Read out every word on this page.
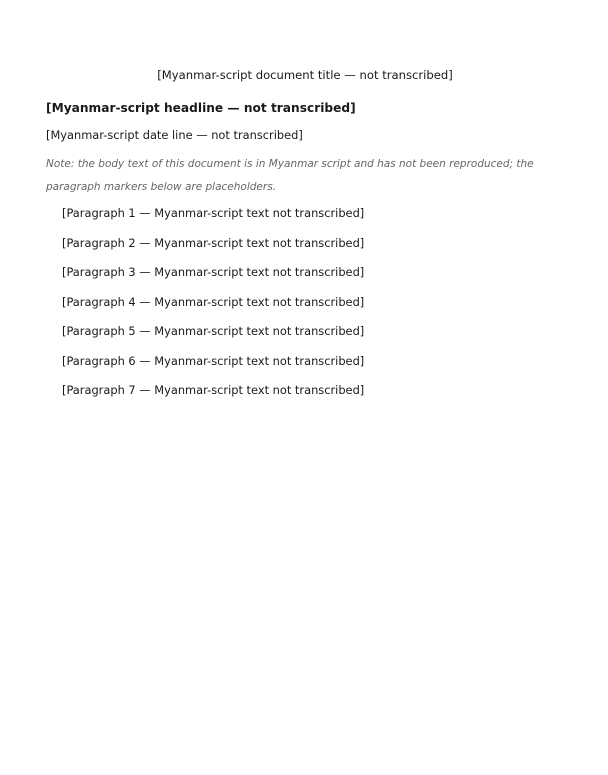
[Myanmar-script document title — not transcribed]
[Myanmar-script headline — not transcribed]
[Myanmar-script date line — not transcribed]
Note: the body text of this document is in Myanmar script and has not been reproduced; the paragraph markers below are placeholders.

[Paragraph 1 — Myanmar-script text not transcribed]

[Paragraph 2 — Myanmar-script text not transcribed]

[Paragraph 3 — Myanmar-script text not transcribed]

[Paragraph 4 — Myanmar-script text not transcribed]

[Paragraph 5 — Myanmar-script text not transcribed]

[Paragraph 6 — Myanmar-script text not transcribed]

[Paragraph 7 — Myanmar-script text not transcribed]
